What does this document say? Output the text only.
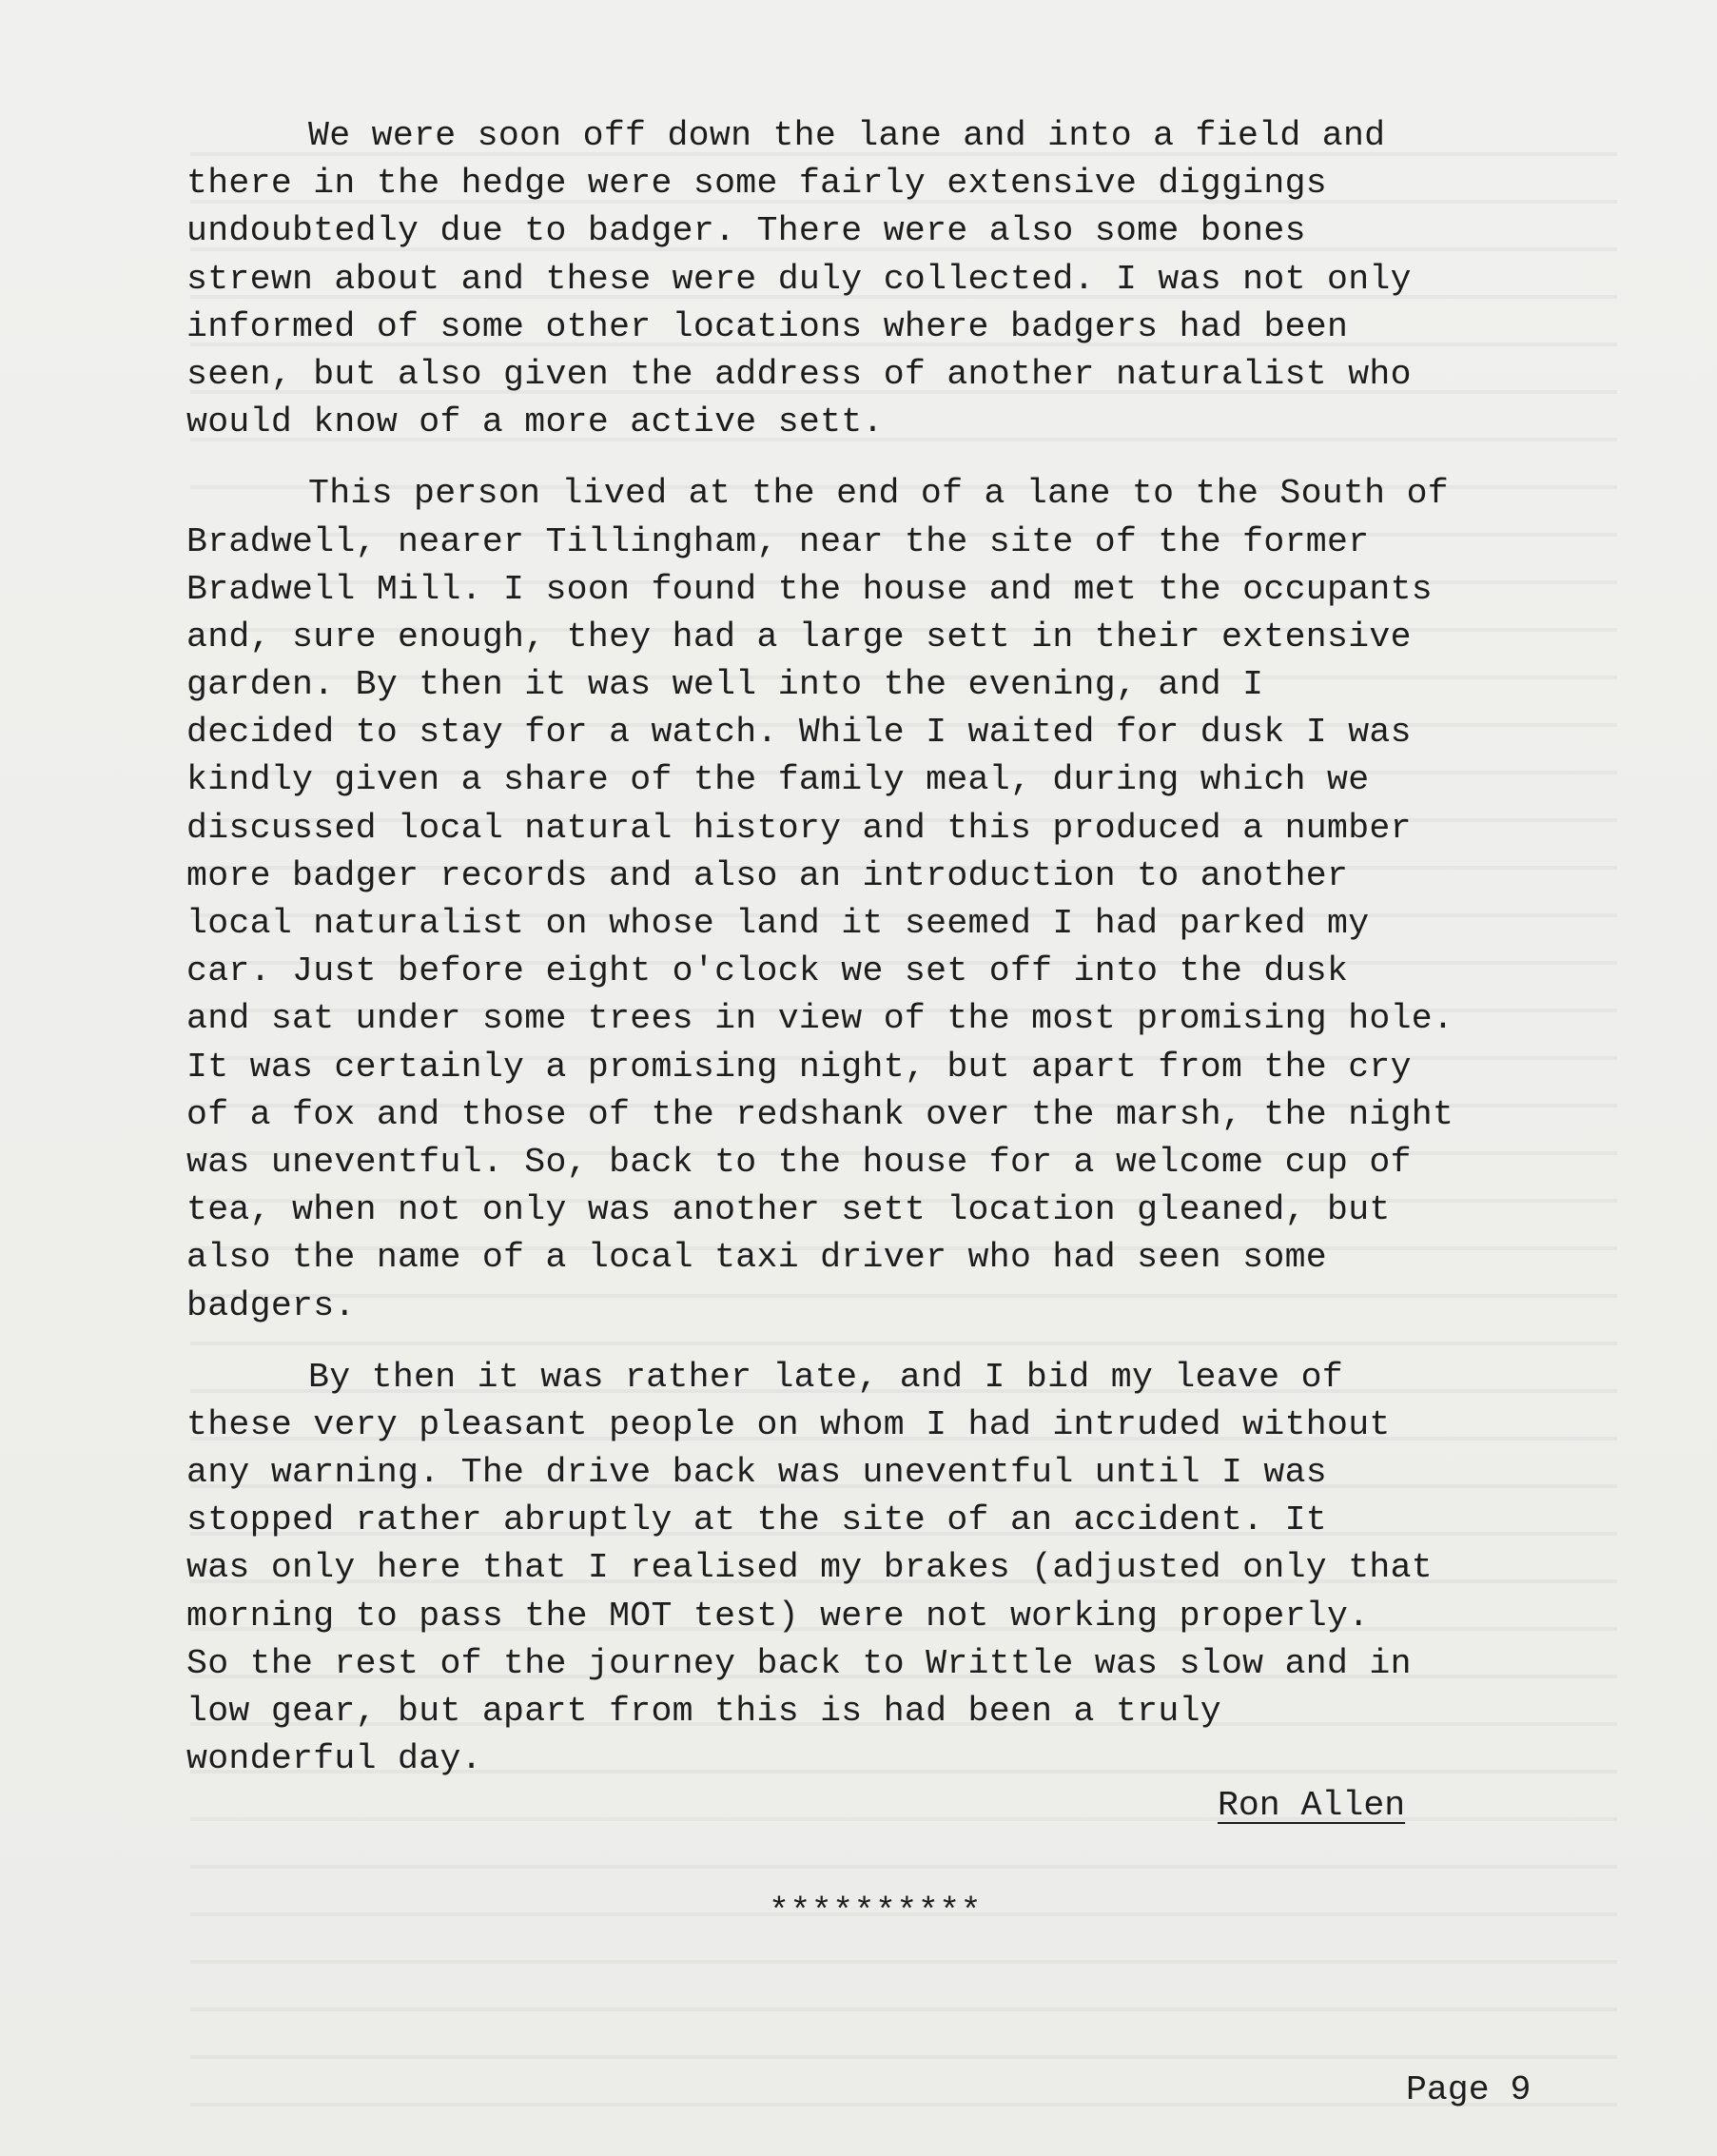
We were soon off down the lane and into a field and
there in the hedge were some fairly extensive diggings
undoubtedly due to badger. There were also some bones
strewn about and these were duly collected. I was not only
informed of some other locations where badgers had been
seen, but also given the address of another naturalist who
would know of a more active sett.
This person lived at the end of a lane to the South of
Bradwell, nearer Tillingham, near the site of the former
Bradwell Mill. I soon found the house and met the occupants
and, sure enough, they had a large sett in their extensive
garden. By then it was well into the evening, and I
decided to stay for a watch. While I waited for dusk I was
kindly given a share of the family meal, during which we
discussed local natural history and this produced a number
more badger records and also an introduction to another
local naturalist on whose land it seemed I had parked my
car. Just before eight o'clock we set off into the dusk
and sat under some trees in view of the most promising hole.
It was certainly a promising night, but apart from the cry
of a fox and those of the redshank over the marsh, the night
was uneventful. So, back to the house for a welcome cup of
tea, when not only was another sett location gleaned, but
also the name of a local taxi driver who had seen some
badgers.
By then it was rather late, and I bid my leave of
these very pleasant people on whom I had intruded without
any warning. The drive back was uneventful until I was
stopped rather abruptly at the site of an accident. It
was only here that I realised my brakes (adjusted only that
morning to pass the MOT test) were not working properly.
So the rest of the journey back to Writtle was slow and in
low gear, but apart from this is had been a truly
wonderful day.
Ron Allen
**********
Page 9
